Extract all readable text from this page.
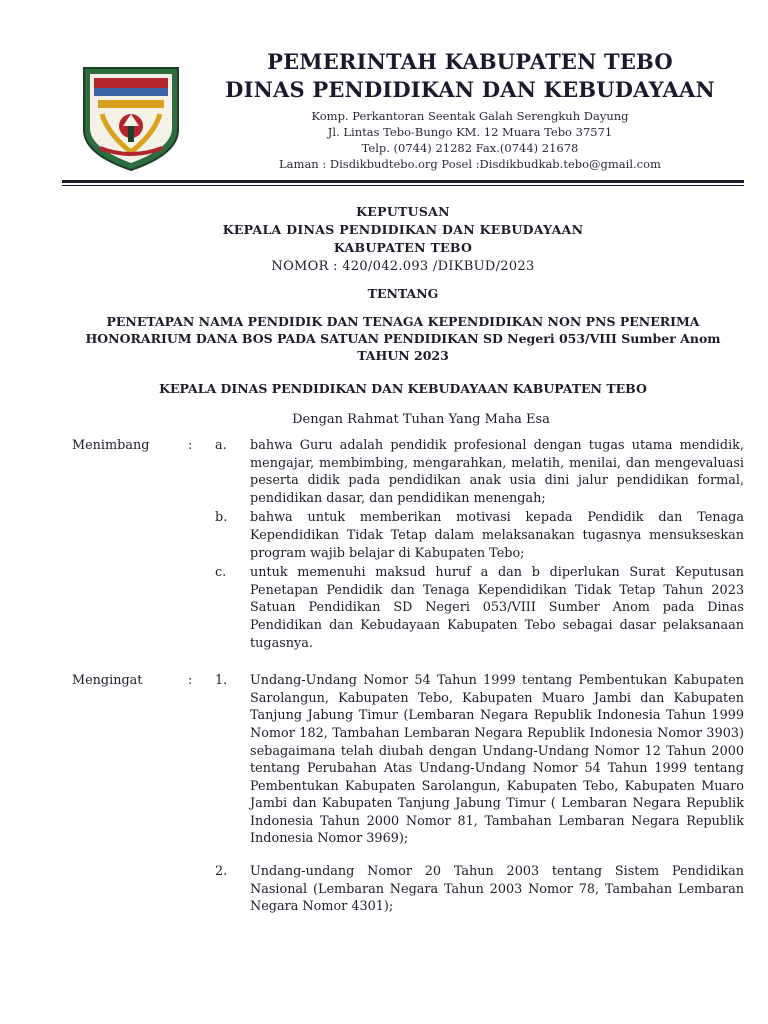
PEMERINTAH KABUPATEN TEBO
DINAS PENDIDIKAN DAN KEBUDAYAAN
Komp. Perkantoran Seentak Galah Serengkuh Dayung
Jl. Lintas Tebo-Bungo KM. 12 Muara Tebo 37571
Telp. (0744) 21282 Fax.(0744) 21678
Laman : Disdikbudtebo.org Posel :Disdikbudkab.tebo@gmail.com
KEPUTUSAN
KEPALA DINAS PENDIDIKAN DAN KEBUDAYAAN
KABUPATEN TEBO
NOMOR : 420/042.093 /DIKBUD/2023
TENTANG
PENETAPAN NAMA PENDIDIK DAN TENAGA KEPENDIDIKAN NON PNS PENERIMA HONORARIUM DANA BOS PADA SATUAN PENDIDIKAN SD Negeri 053/VIII Sumber Anom TAHUN 2023
KEPALA DINAS PENDIDIKAN DAN KEBUDAYAAN KABUPATEN TEBO
Dengan Rahmat Tuhan Yang Maha Esa
Menimbang	: a. bahwa Guru adalah pendidik profesional dengan tugas utama mendidik, mengajar, membimbing, mengarahkan, melatih, menilai, dan mengevaluasi peserta didik pada pendidikan anak usia dini jalur pendidikan formal, pendidikan dasar, dan pendidikan menengah;
b. bahwa untuk memberikan motivasi kepada Pendidik dan Tenaga Kependidikan Tidak Tetap dalam melaksanakan tugasnya mensukseskan program wajib belajar di Kabupaten Tebo;
c. untuk memenuhi maksud huruf a dan b diperlukan Surat Keputusan Penetapan Pendidik dan Tenaga Kependidikan Tidak Tetap Tahun 2023 Satuan Pendidikan SD Negeri 053/VIII Sumber Anom pada Dinas Pendidikan dan Kebudayaan Kabupaten Tebo sebagai dasar pelaksanaan tugasnya.
Mengingat	: 1. Undang-Undang Nomor 54 Tahun 1999 tentang Pembentukan Kabupaten Sarolangun, Kabupaten Tebo, Kabupaten Muaro Jambi dan Kabupaten Tanjung Jabung Timur (Lembaran Negara Republik Indonesia Tahun 1999 Nomor 182, Tambahan Lembaran Negara Republik Indonesia Nomor 3903) sebagaimana telah diubah dengan Undang-Undang Nomor 12 Tahun 2000 tentang Perubahan Atas Undang-Undang Nomor 54 Tahun 1999 tentang Pembentukan Kabupaten Sarolangun, Kabupaten Tebo, Kabupaten Muaro Jambi dan Kabupaten Tanjung Jabung Timur ( Lembaran Negara Republik Indonesia Tahun 2000 Nomor 81, Tambahan Lembaran Negara Republik Indonesia Nomor 3969);
2. Undang-undang Nomor 20 Tahun 2003 tentang Sistem Pendidikan Nasional (Lembaran Negara Tahun 2003 Nomor 78, Tambahan Lembaran Negara Nomor 4301);
